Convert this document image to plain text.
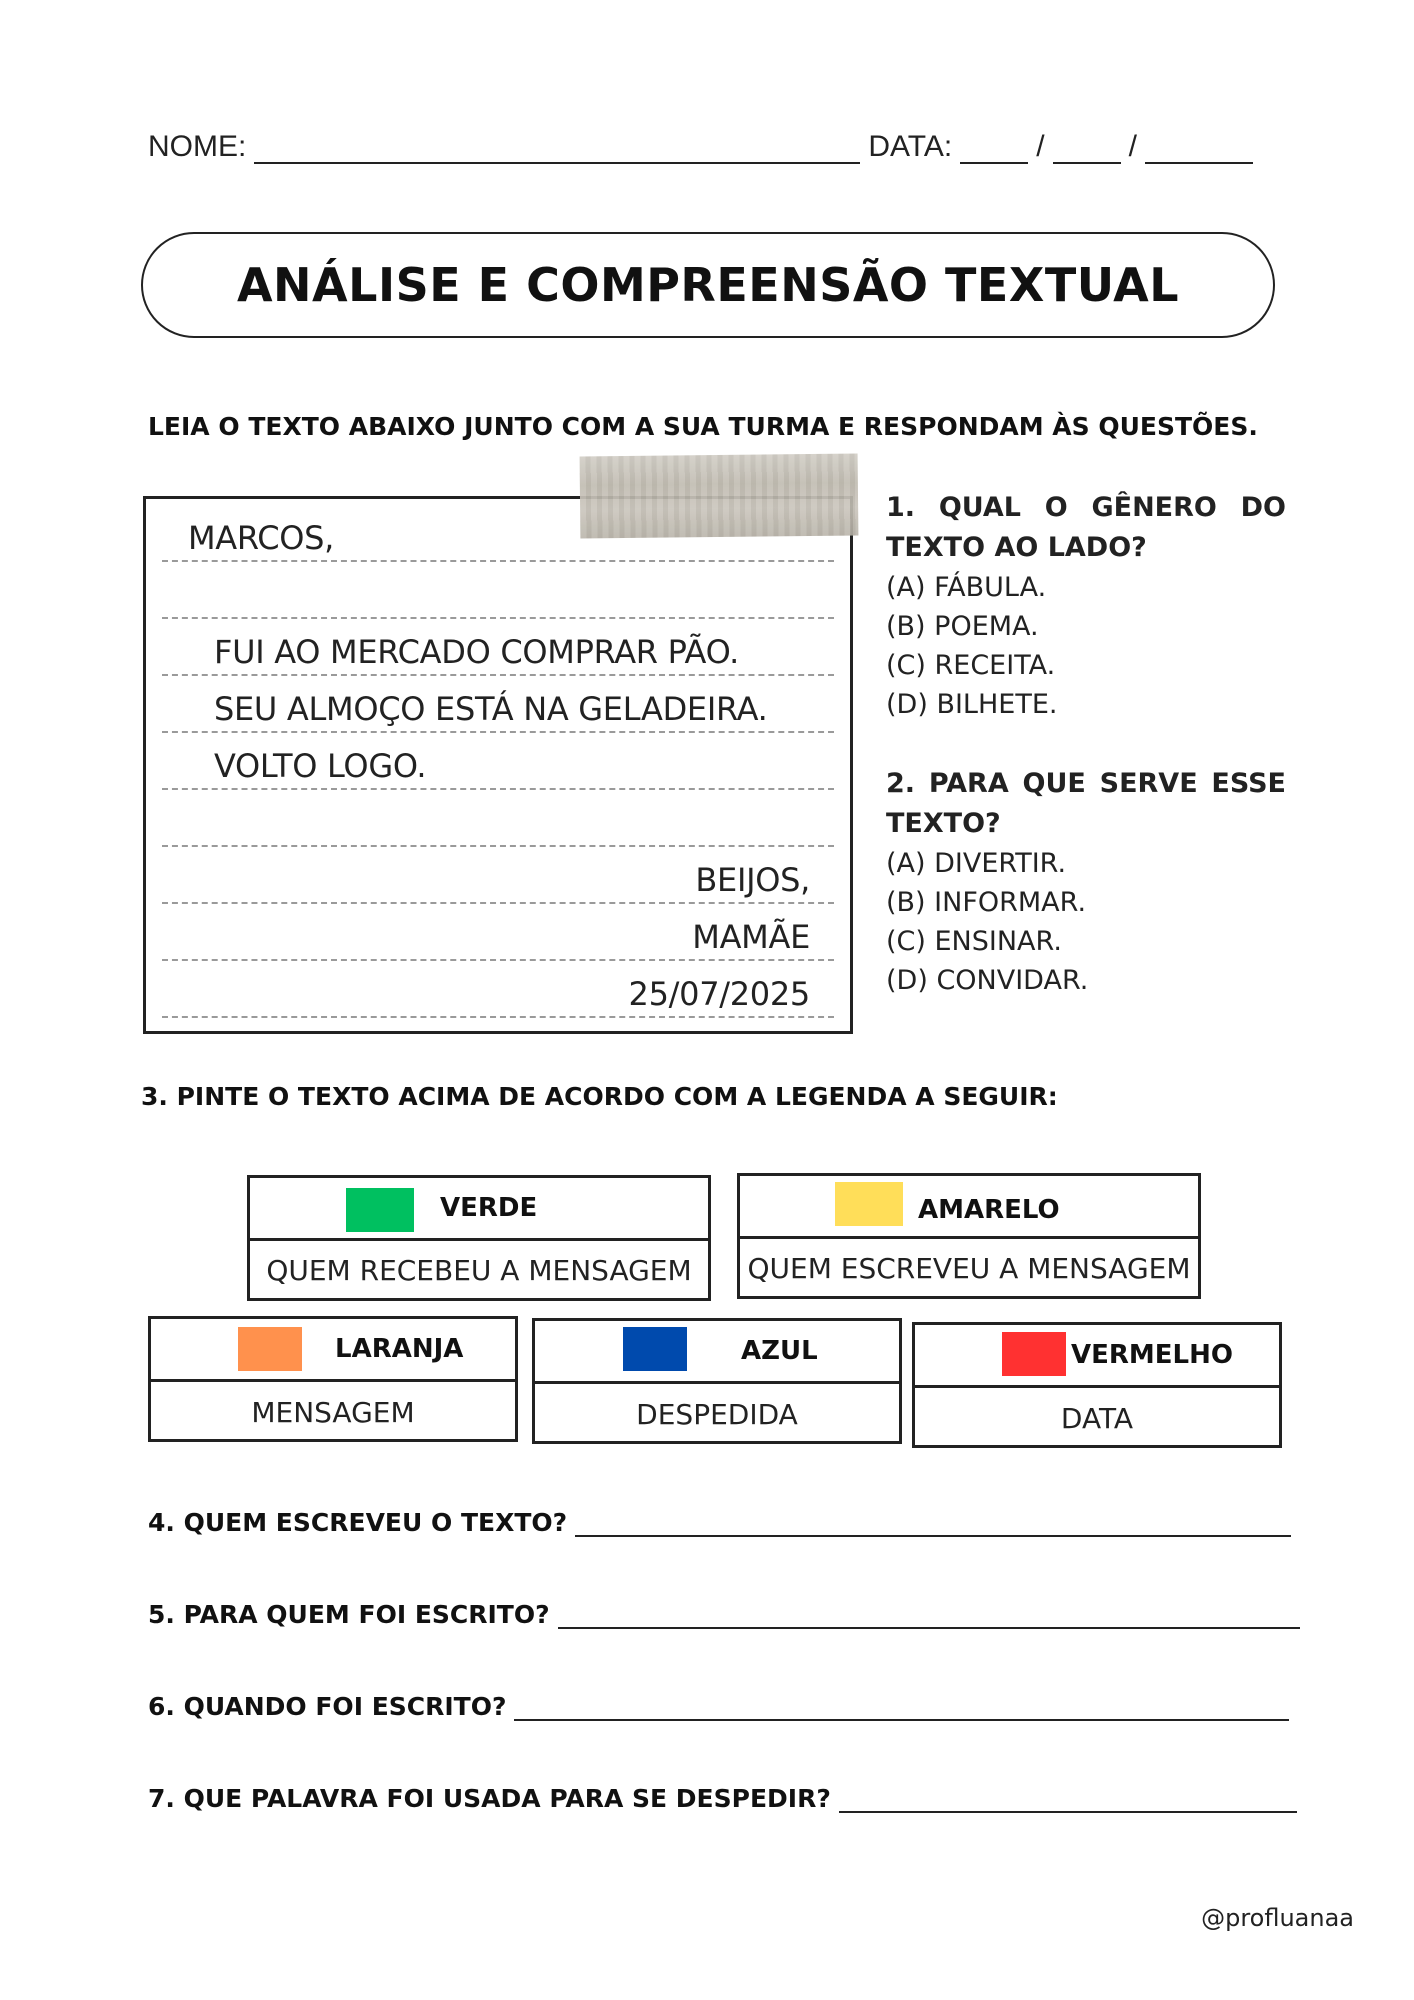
NOME:	DATA:	/	/
ANÁLISE E COMPREENSÃO TEXTUAL
LEIA O TEXTO ABAIXO JUNTO COM A SUA TURMA E RESPONDAM ÀS QUESTÕES.
MARCOS,
FUI AO MERCADO COMPRAR PÃO.
SEU ALMOÇO ESTÁ NA GELADEIRA.
VOLTO LOGO.
BEIJOS,
MAMÃE
25/07/2025
1. QUAL O GÊNERO DO
TEXTO AO LADO?
(A) FÁBULA.
(B) POEMA.
(C) RECEITA.
(D) BILHETE.
2. PARA QUE SERVE ESSE
TEXTO?
(A) DIVERTIR.
(B) INFORMAR.
(C) ENSINAR.
(D) CONVIDAR.
3. PINTE O TEXTO ACIMA DE ACORDO COM A LEGENDA A SEGUIR:
VERDE
QUEM RECEBEU A MENSAGEM
AMARELO
QUEM ESCREVEU A MENSAGEM
LARANJA
MENSAGEM
AZUL
DESPEDIDA
VERMELHO
DATA
4. QUEM ESCREVEU O TEXTO?
5. PARA QUEM FOI ESCRITO?
6. QUANDO FOI ESCRITO?
7. QUE PALAVRA FOI USADA PARA SE DESPEDIR?
@profluanaa
